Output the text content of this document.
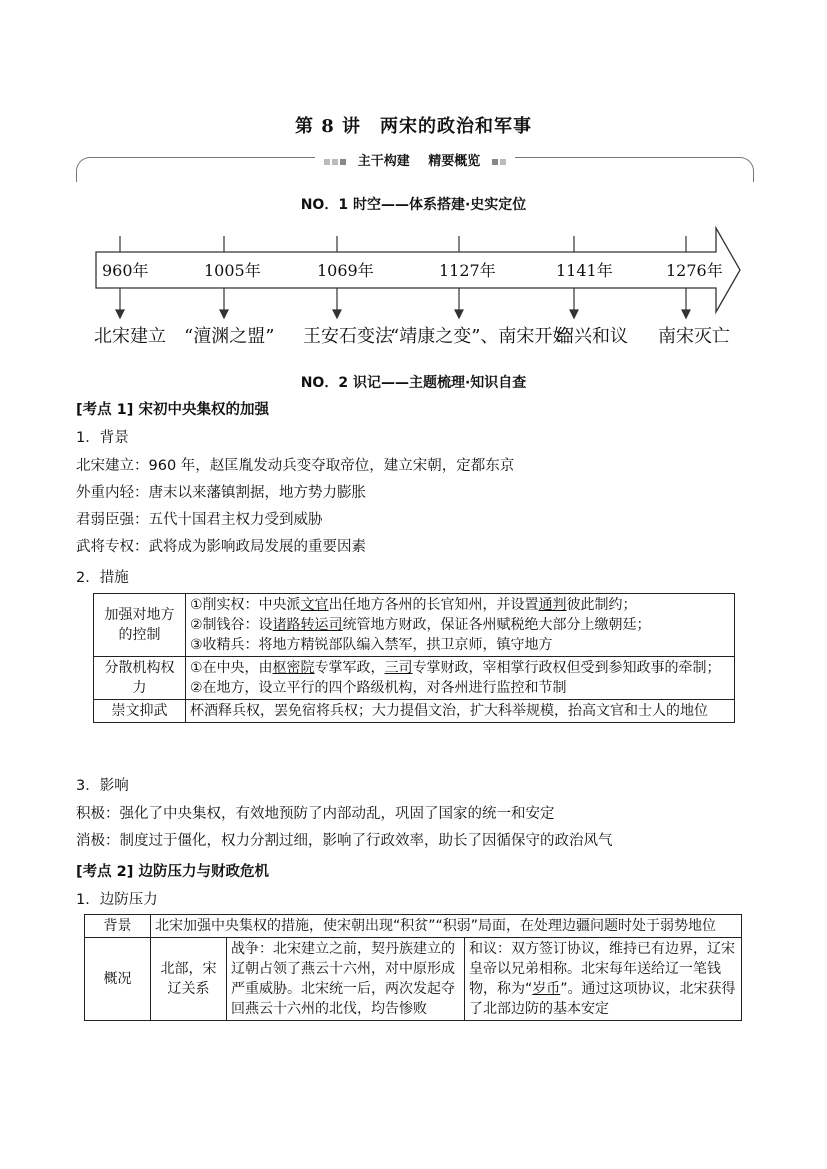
第 8 讲　两宋的政治和军事
主干构建 精要概览
NO．1 时空——体系搭建·史实定位
960年	1005年	1069年	1127年	1141年	1276年
北宋建立 “澶渊之盟” 王安石变法
“靖康之变”、南宋开始
绍兴和议 南宋灭亡
NO．2 识记——主题梳理·知识自查
[考点 1] 宋初中央集权的加强
1．背景
北宋建立：960 年，赵匡胤发动兵变夺取帝位，建立宋朝，定都东京
外重内轻：唐末以来藩镇割据，地方势力膨胀
君弱臣强：五代十国君主权力受到威胁
武将专权：武将成为影响政局发展的重要因素
2．措施
加强对地方的控制	①削实权：中央派文官出任地方各州的长官知州，并设置通判彼此制约；
②制钱谷：设诸路转运司统管地方财政，保证各州赋税绝大部分上缴朝廷；
③收精兵：将地方精锐部队编入禁军，拱卫京师，镇守地方

分散机构权力	①在中央，由枢密院专掌军政，三司专掌财政，宰相掌行政权但受到参知政事的牵制；
②在地方，设立平行的四个路级机构，对各州进行监控和节制

崇文抑武	杯酒释兵权，罢免宿将兵权；大力提倡文治，扩大科举规模，抬高文官和士人的地位
3．影响
积极：强化了中央集权，有效地预防了内部动乱，巩固了国家的统一和安定
消极：制度过于僵化，权力分割过细，影响了行政效率，助长了因循保守的政治风气
[考点 2] 边防压力与财政危机
1．边防压力
背景	北宋加强中央集权的措施，使宋朝出现“积贫”“积弱”局面，在处理边疆问题时处于弱势地位		
概况	北部，宋辽关系	战争：北宋建立之前，契丹族建立的辽朝占领了燕云十六州，对中原形成严重威胁。北宋统一后，两次发起夺回燕云十六州的北伐，均告惨败	和议：双方签订协议，维持已有边界，辽宋皇帝以兄弟相称。北宋每年送给辽一笔钱物，称为“岁币”。通过这项协议，北宋获得了北部边防的基本安定
